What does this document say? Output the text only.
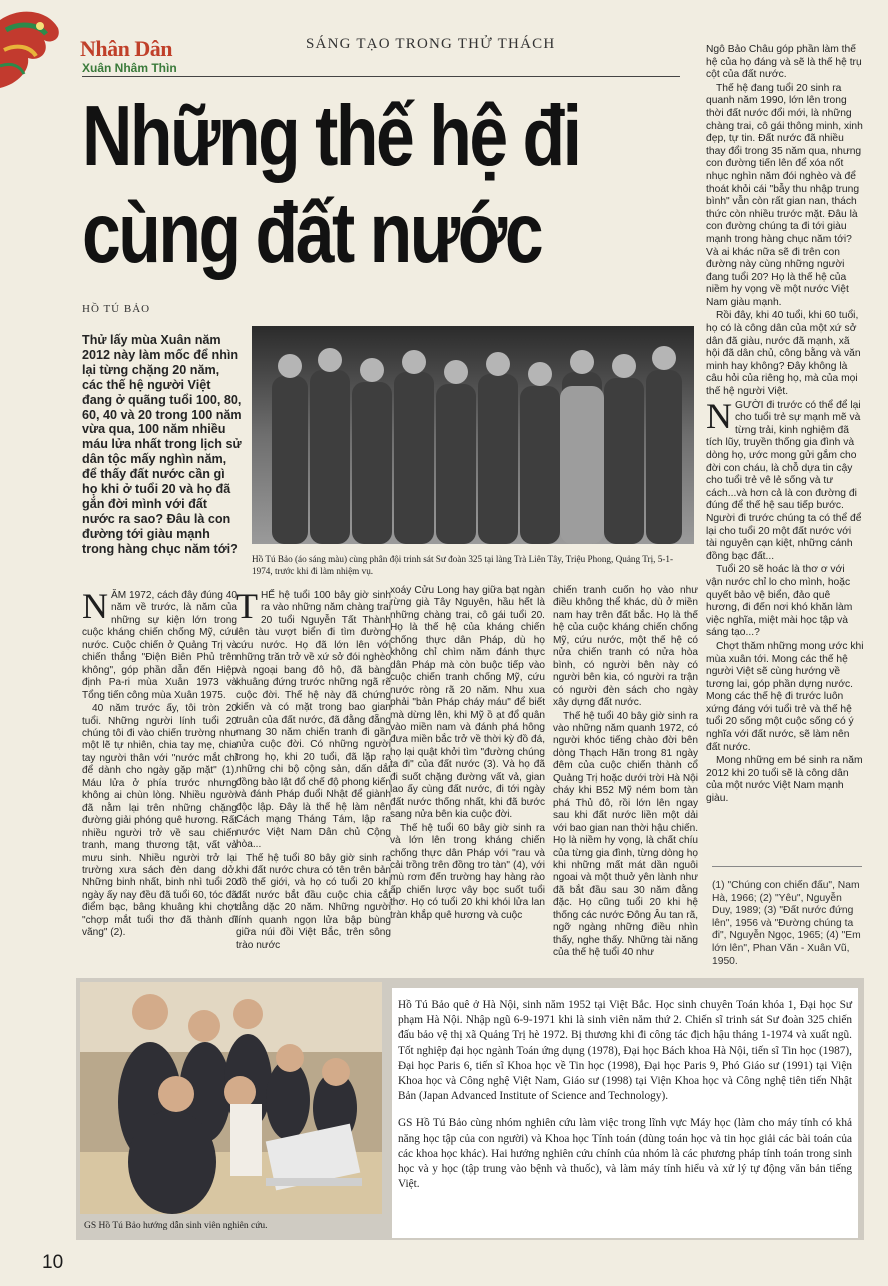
Nhân Dân
Xuân Nhâm Thìn
SÁNG TẠO TRONG THỬ THÁCH
Những thế hệ đi cùng đất nước
HỒ TÚ BẢO
Thử lấy mùa Xuân năm 2012 này làm mốc để nhìn lại từng chặng 20 năm, các thế hệ người Việt đang ở quãng tuổi 100, 80, 60, 40 và 20 trong 100 năm vừa qua, 100 năm nhiều máu lửa nhất trong lịch sử dân tộc mấy nghìn năm, để thấy đất nước cần gì họ khi ở tuổi 20 và họ đã gắn đời mình với đất nước ra sao? Đâu là con đường tới giàu mạnh trong hàng chục năm tới?
Hồ Tú Bảo (áo sáng màu) cùng phân đội trinh sát Sư đoàn 325 tại làng Trà Liên Tây, Triệu Phong, Quảng Trị, 5-1-1974, trước khi đi làm nhiệm vụ.

NĂM 1972, cách đây đúng 40 năm về trước, là năm của những sự kiện lớn trong cuộc kháng chiến chống Mỹ, cứu nước. Cuộc chiến ở Quảng Trị và chiến thắng "Điện Biên Phủ trên không", góp phần dẫn đến Hiệp định Pa-ri mùa Xuân 1973 và Tổng tiến công mùa Xuân 1975.

40 năm trước ấy, tôi tròn 20 tuổi. Những người lính tuổi 20 chúng tôi đi vào chiến trường như một lẽ tự nhiên, chia tay mẹ, chia tay người thân với "nước mắt chỉ để dành cho ngày gặp mặt" (1). Máu lửa ở phía trước nhưng không ai chùn lòng. Nhiều người đã nằm lại trên những chặng đường giải phóng quê hương. Rất nhiều người trở về sau chiến tranh, mang thương tật, vất vả mưu sinh. Nhiều người trở lại trường xưa sách đèn dang dở. Những binh nhất, binh nhì tuổi 20 ngày ấy nay đều đã tuổi 60, tóc đã điểm bạc, bâng khuâng khi chợt "chợp mắt tuổi thơ đã thành dĩ vãng" (2).

THẾ hệ tuổi 100 bây giờ sinh ra vào những năm chàng trai 20 tuổi Nguyễn Tất Thành lên tàu vượt biển đi tìm đường cứu nước. Họ đã lớn lên với những trăn trở về xứ sở đói nghèo và ngoại bang đô hộ, đã bàng khuâng đứng trước những ngã rẽ cuộc đời. Thế hệ này đã chứng kiến và có mặt trong bao gian truân của đất nước, đã đằng đẵng mang 30 năm chiến tranh đi gần nửa cuộc đời. Có những người trong họ, khi 20 tuổi, đã lặp ra những chi bộ cộng sản, dấn dắt đồng bào lật đổ chế độ phong kiến và đánh Pháp đuổi Nhật để giành độc lập. Đây là thế hệ làm nên Cách mạng Tháng Tám, lập ra nước Việt Nam Dân chủ Cộng hòa...

Thế hệ tuổi 80 bây giờ sinh ra khi đất nước chưa có tên trên bản đồ thế giới, và họ có tuổi 20 khi đất nước bắt đầu cuộc chia cắt dằng dặc 20 năm. Những người lính quanh ngọn lửa bập bùng giữa núi đồi Việt Bắc, trên sông trào nước

xoáy Cửu Long hay giữa bạt ngàn rừng già Tây Nguyên, hầu hết là những chàng trai, cô gái tuổi 20. Họ là thế hệ của kháng chiến chống thực dân Pháp, dù họ không chỉ chìm năm đánh thực dân Pháp mà còn buộc tiếp vào cuộc chiến tranh chống Mỹ, cứu nước ròng rã 20 năm. Nhu xua phải "bản Pháp cháy máu" để biết mà dừng lên, khi Mỹ ồ ạt đổ quân vào miền nam và đánh phá hông đưa miền bắc trở về thời kỳ đồ đá, họ lại quật khởi tìm "đường chúng ta đi" của đất nước (3). Và họ đã đi suốt chặng đường vất vả, gian lao ấy cùng đất nước, đi tới ngày đất nước thống nhất, khi đã bước sang nửa bên kia cuộc đời.

Thế hệ tuổi 60 bây giờ sinh ra và lớn lên trong kháng chiến chống thực dân Pháp với "rau và cải trồng trên đồng tro tàn" (4), với mù rơm đến trường hay hàng rào ấp chiến lược vây bọc suốt tuổi thơ. Họ có tuổi 20 khi khói lửa lan tràn khắp quê hương và cuộc

chiến tranh cuốn họ vào như điều không thể khác, dù ở miền nam hay trên đất bắc. Họ là thế hệ của cuộc kháng chiến chống Mỹ, cứu nước, một thế hệ có nửa chiến tranh có nửa hòa bình, có người bên này có người bên kia, có người ra trận có người đèn sách cho ngày xây dựng đất nước.

Thế hệ tuổi 40 bây giờ sinh ra vào những năm quanh 1972, có người khóc tiếng chào đời bên dòng Thạch Hãn trong 81 ngày đêm của cuộc chiến thành cổ Quảng Trị hoặc dưới trời Hà Nội cháy khi B52 Mỹ ném bom tàn phá Thủ đô, rồi lớn lên ngay sau khi đất nước liền một dải với bao gian nan thời hậu chiến. Họ là niềm hy vọng, là chất chíu của từng gia đình, từng dòng họ khi những mất mát dần nguôi ngoai và một thuở yên lành như đã bắt đầu sau 30 năm đằng đặc. Họ cũng tuổi 20 khi hệ thống các nước Đông Âu tan rã, ngỡ ngàng những điều nhìn thấy, nghe thấy. Những tài năng của thế hệ tuổi 40 như

Ngô Bảo Châu góp phần làm thế hệ của họ đáng và sẽ là thế hệ trụ cột của đất nước.

Thế hệ đang tuổi 20 sinh ra quanh năm 1990, lớn lên trong thời đất nước đổi mới, là những chàng trai, cô gái thông minh, xinh đẹp, tự tin. Đất nước đã nhiều thay đổi trong 35 năm qua, nhưng con đường tiến lên để xóa nốt nhục nghìn năm đói nghèo và để thoát khỏi cái "bẫy thu nhập trung bình" vẫn còn rất gian nan, thách thức còn nhiều trước mặt. Đâu là con đường chúng ta đi tới giàu mạnh trong hàng chục năm tới? Và ai khác nữa sẽ đi trên con đường này cùng những người đang tuổi 20? Họ là thế hệ của niềm hy vọng về một nước Việt Nam giàu mạnh.

Rồi đây, khi 40 tuổi, khi 60 tuổi, họ có là công dân của một xứ sở dân đã giàu, nước đã mạnh, xã hội đã dân chủ, công bằng và văn minh hay không? Đây không là câu hỏi của riêng họ, mà của mọi thế hệ người Việt.

NGƯỜI đi trước có thể để lại cho tuổi trẻ sự mạnh mẽ và từng trải, kinh nghiệm đã tích lũy, truyền thống gia đình và dòng họ, ước mong gửi gắm cho đời con cháu, là chỗ dựa tin cậy cho tuổi trẻ vê lẻ sống và tư cách...và hơn cả là con đường đi đúng để thế hệ sau tiếp bước. Người đi trước chúng ta có thể để lại cho tuổi 20 một đất nước với tài nguyên cạn kiệt, những cánh đồng bạc đất...

Tuổi 20 sẽ hoác là thơ ơ với vận nước chỉ lo cho mình, hoặc quyết bảo vệ biển, đảo quê hương, đi đến nơi khó khăn làm việc nghĩa, miệt mài học tập và sáng tạo...?

Chợt thăm những mong ước khi mùa xuân tới. Mong các thế hệ người Việt sẽ cùng hướng về tương lai, góp phần dựng nước. Mong các thế hệ đi trước luôn xứng đáng với tuổi trẻ và thế hệ tuổi 20 sống một cuộc sống có ý nghĩa với đất nước, sẽ làm nên đất nước.

Mong những em bé sinh ra năm 2012 khi 20 tuổi sẽ là công dân của một nước Việt Nam mạnh giàu.

(1) "Chúng con chiến đấu", Nam Hà, 1966; (2) "Yêu", Nguyễn Duy, 1989; (3) "Đất nước đứng lên", 1956 và "Đường chúng ta đi", Nguyễn Ngọc, 1965; (4) "Em lớn lên", Phan Văn - Xuân Vũ, 1950.
GS Hồ Tú Bảo hướng dẫn sinh viên nghiên cứu.

Hồ Tú Bảo quê ở Hà Nội, sinh năm 1952 tại Việt Bắc. Học sinh chuyên Toán khóa 1, Đại học Sư phạm Hà Nội. Nhập ngũ 6-9-1971 khi là sinh viên năm thứ 2. Chiến sĩ trinh sát Sư đoàn 325 chiến đấu bảo vệ thị xã Quảng Trị hè 1972. Bị thương khi đi công tác địch hậu tháng 1-1974 và xuất ngũ. Tốt nghiệp đại học ngành Toán ứng dụng (1978), Đại học Bách khoa Hà Nội, tiến sĩ Tin học (1987), Đại học Paris 6, tiến sĩ Khoa học về Tin học (1998), Đại học Paris 9, Phó Giáo sư (1991) tại Viện Khoa học và Công nghệ Việt Nam, Giáo sư (1998) tại Viện Khoa học và Công nghệ tiên tiến Nhật Bản (Japan Advanced Institute of Science and Technology).

GS Hồ Tú Bảo cùng nhóm nghiên cứu làm việc trong lĩnh vực Máy học (làm cho máy tính có khả năng học tập của con người) và Khoa học Tính toán (dùng toán học và tin học giải các bài toán của các khoa học khác). Hai hướng nghiên cứu chính của nhóm là các phương pháp tính toán trong sinh học và y học (tập trung vào bệnh và thuốc), và làm máy tính hiểu và xử lý tự động văn bản tiếng Việt.

10
